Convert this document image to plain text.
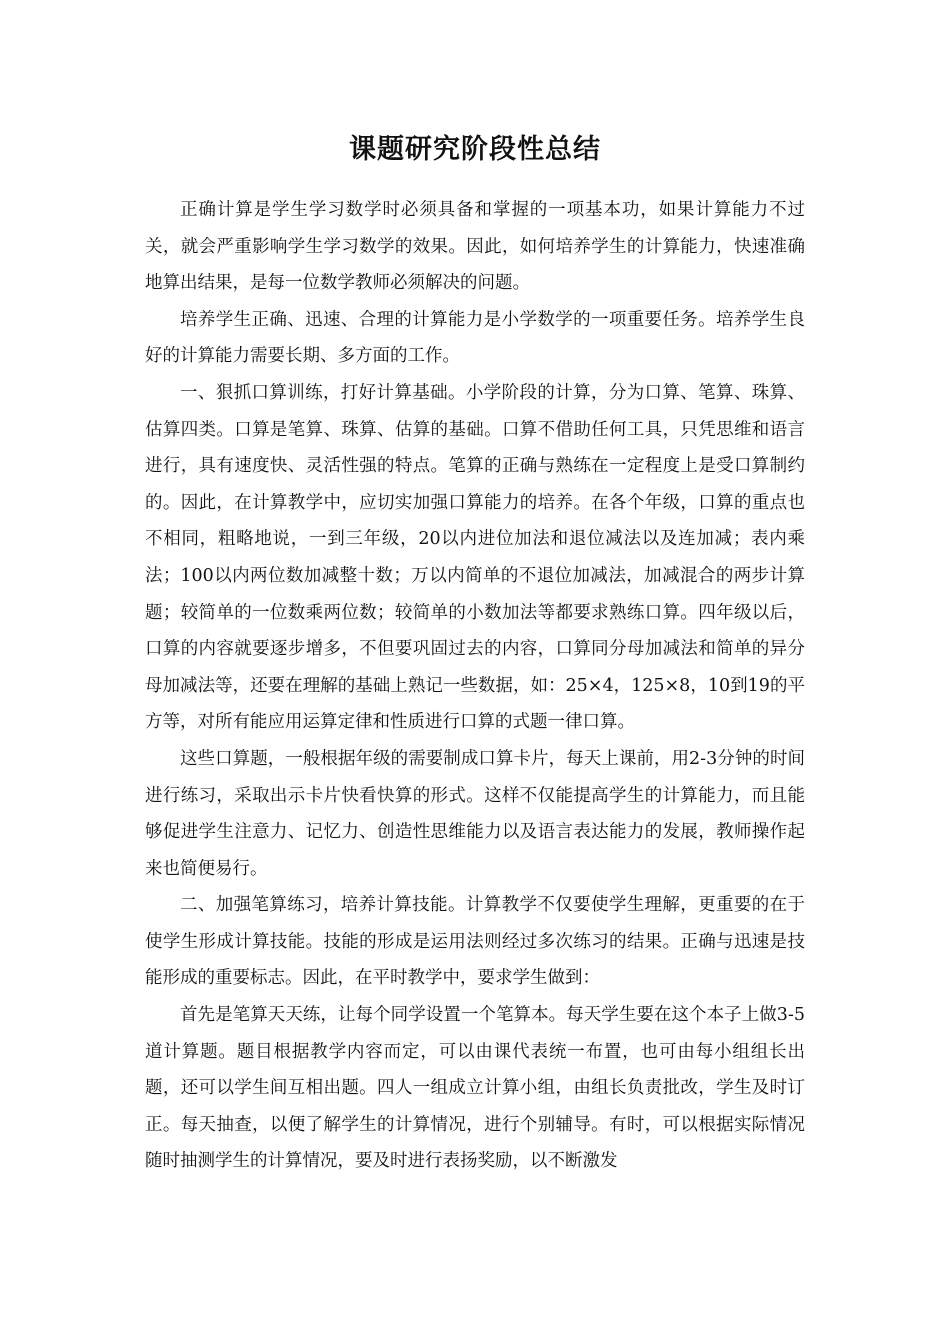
课题研究阶段性总结

正确计算是学生学习数学时必须具备和掌握的一项基本功，如果计算能力不过关，就会严重影响学生学习数学的效果。因此，如何培养学生的计算能力，快速准确地算出结果，是每一位数学教师必须解决的问题。

培养学生正确、迅速、合理的计算能力是小学数学的一项重要任务。培养学生良好的计算能力需要长期、多方面的工作。

一、狠抓口算训练，打好计算基础。小学阶段的计算，分为口算、笔算、珠算、估算四类。口算是笔算、珠算、估算的基础。口算不借助任何工具，只凭思维和语言进行，具有速度快、灵活性强的特点。笔算的正确与熟练在一定程度上是受口算制约的。因此，在计算教学中，应切实加强口算能力的培养。在各个年级，口算的重点也不相同，粗略地说，一到三年级，20以内进位加法和退位减法以及连加减；表内乘法；100以内两位数加减整十数；万以内简单的不退位加减法，加减混合的两步计算题；较简单的一位数乘两位数；较简单的小数加法等都要求熟练口算。四年级以后，口算的内容就要逐步增多，不但要巩固过去的内容，口算同分母加减法和简单的异分母加减法等，还要在理解的基础上熟记一些数据，如：25×4，125×8，10到19的平方等，对所有能应用运算定律和性质进行口算的式题一律口算。

这些口算题，一般根据年级的需要制成口算卡片，每天上课前，用2-3分钟的时间进行练习，采取出示卡片快看快算的形式。这样不仅能提高学生的计算能力，而且能够促进学生注意力、记忆力、创造性思维能力以及语言表达能力的发展，教师操作起来也简便易行。

二、加强笔算练习，培养计算技能。计算教学不仅要使学生理解，更重要的在于使学生形成计算技能。技能的形成是运用法则经过多次练习的结果。正确与迅速是技能形成的重要标志。因此，在平时教学中，要求学生做到：

首先是笔算天天练，让每个同学设置一个笔算本。每天学生要在这个本子上做3-5道计算题。题目根据教学内容而定，可以由课代表统一布置，也可由每小组组长出题，还可以学生间互相出题。四人一组成立计算小组，由组长负责批改，学生及时订正。每天抽查，以便了解学生的计算情况，进行个别辅导。有时，可以根据实际情况随时抽测学生的计算情况，要及时进行表扬奖励，以不断激发
